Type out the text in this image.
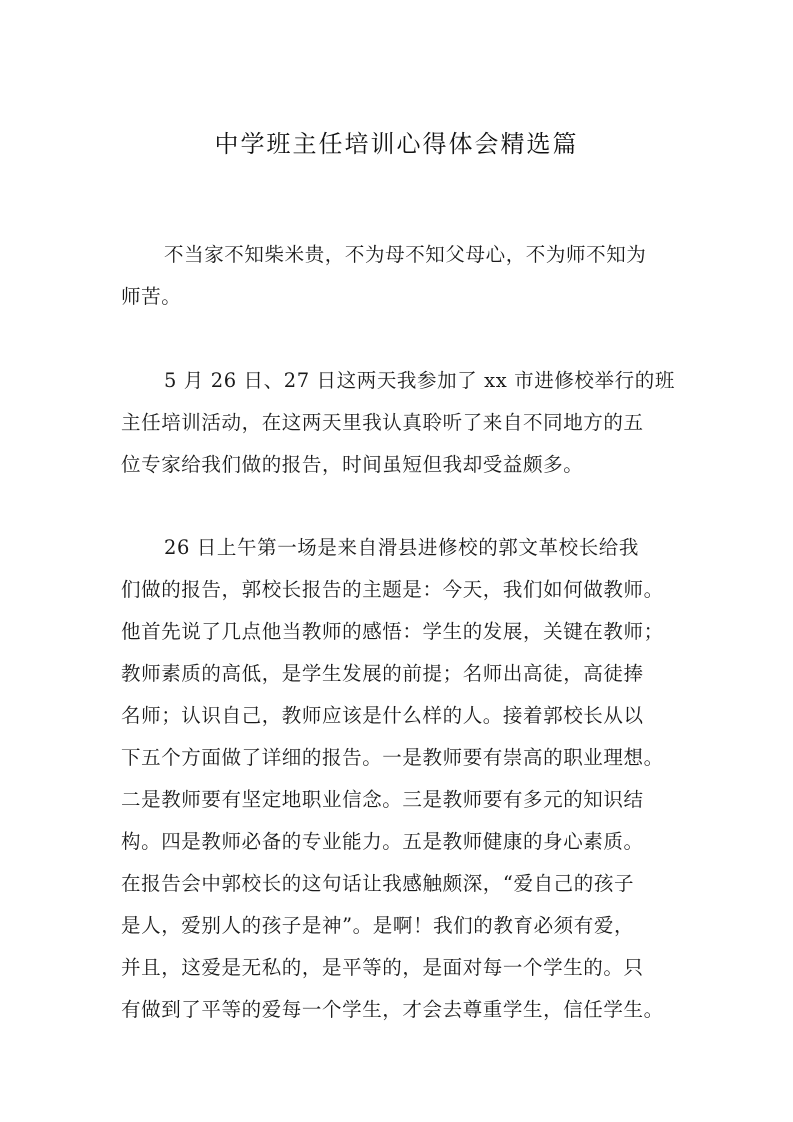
中学班主任培训心得体会精选篇
不当家不知柴米贵，不为母不知父母心，不为师不知为
师苦。
5 月 26 日、27 日这两天我参加了 xx 市进修校举行的班
主任培训活动，在这两天里我认真聆听了来自不同地方的五
位专家给我们做的报告，时间虽短但我却受益颇多。
26 日上午第一场是来自滑县进修校的郭文革校长给我
们做的报告，郭校长报告的主题是：今天，我们如何做教师。
他首先说了几点他当教师的感悟：学生的发展，关键在教师；
教师素质的高低，是学生发展的前提；名师出高徒，高徒捧
名师；认识自己，教师应该是什么样的人。接着郭校长从以
下五个方面做了详细的报告。一是教师要有崇高的职业理想。
二是教师要有坚定地职业信念。三是教师要有多元的知识结
构。四是教师必备的专业能力。五是教师健康的身心素质。
在报告会中郭校长的这句话让我感触颇深，“爱自己的孩子
是人，爱别人的孩子是神”。是啊！我们的教育必须有爱，
并且，这爱是无私的，是平等的，是面对每一个学生的。只
有做到了平等的爱每一个学生，才会去尊重学生，信任学生。
